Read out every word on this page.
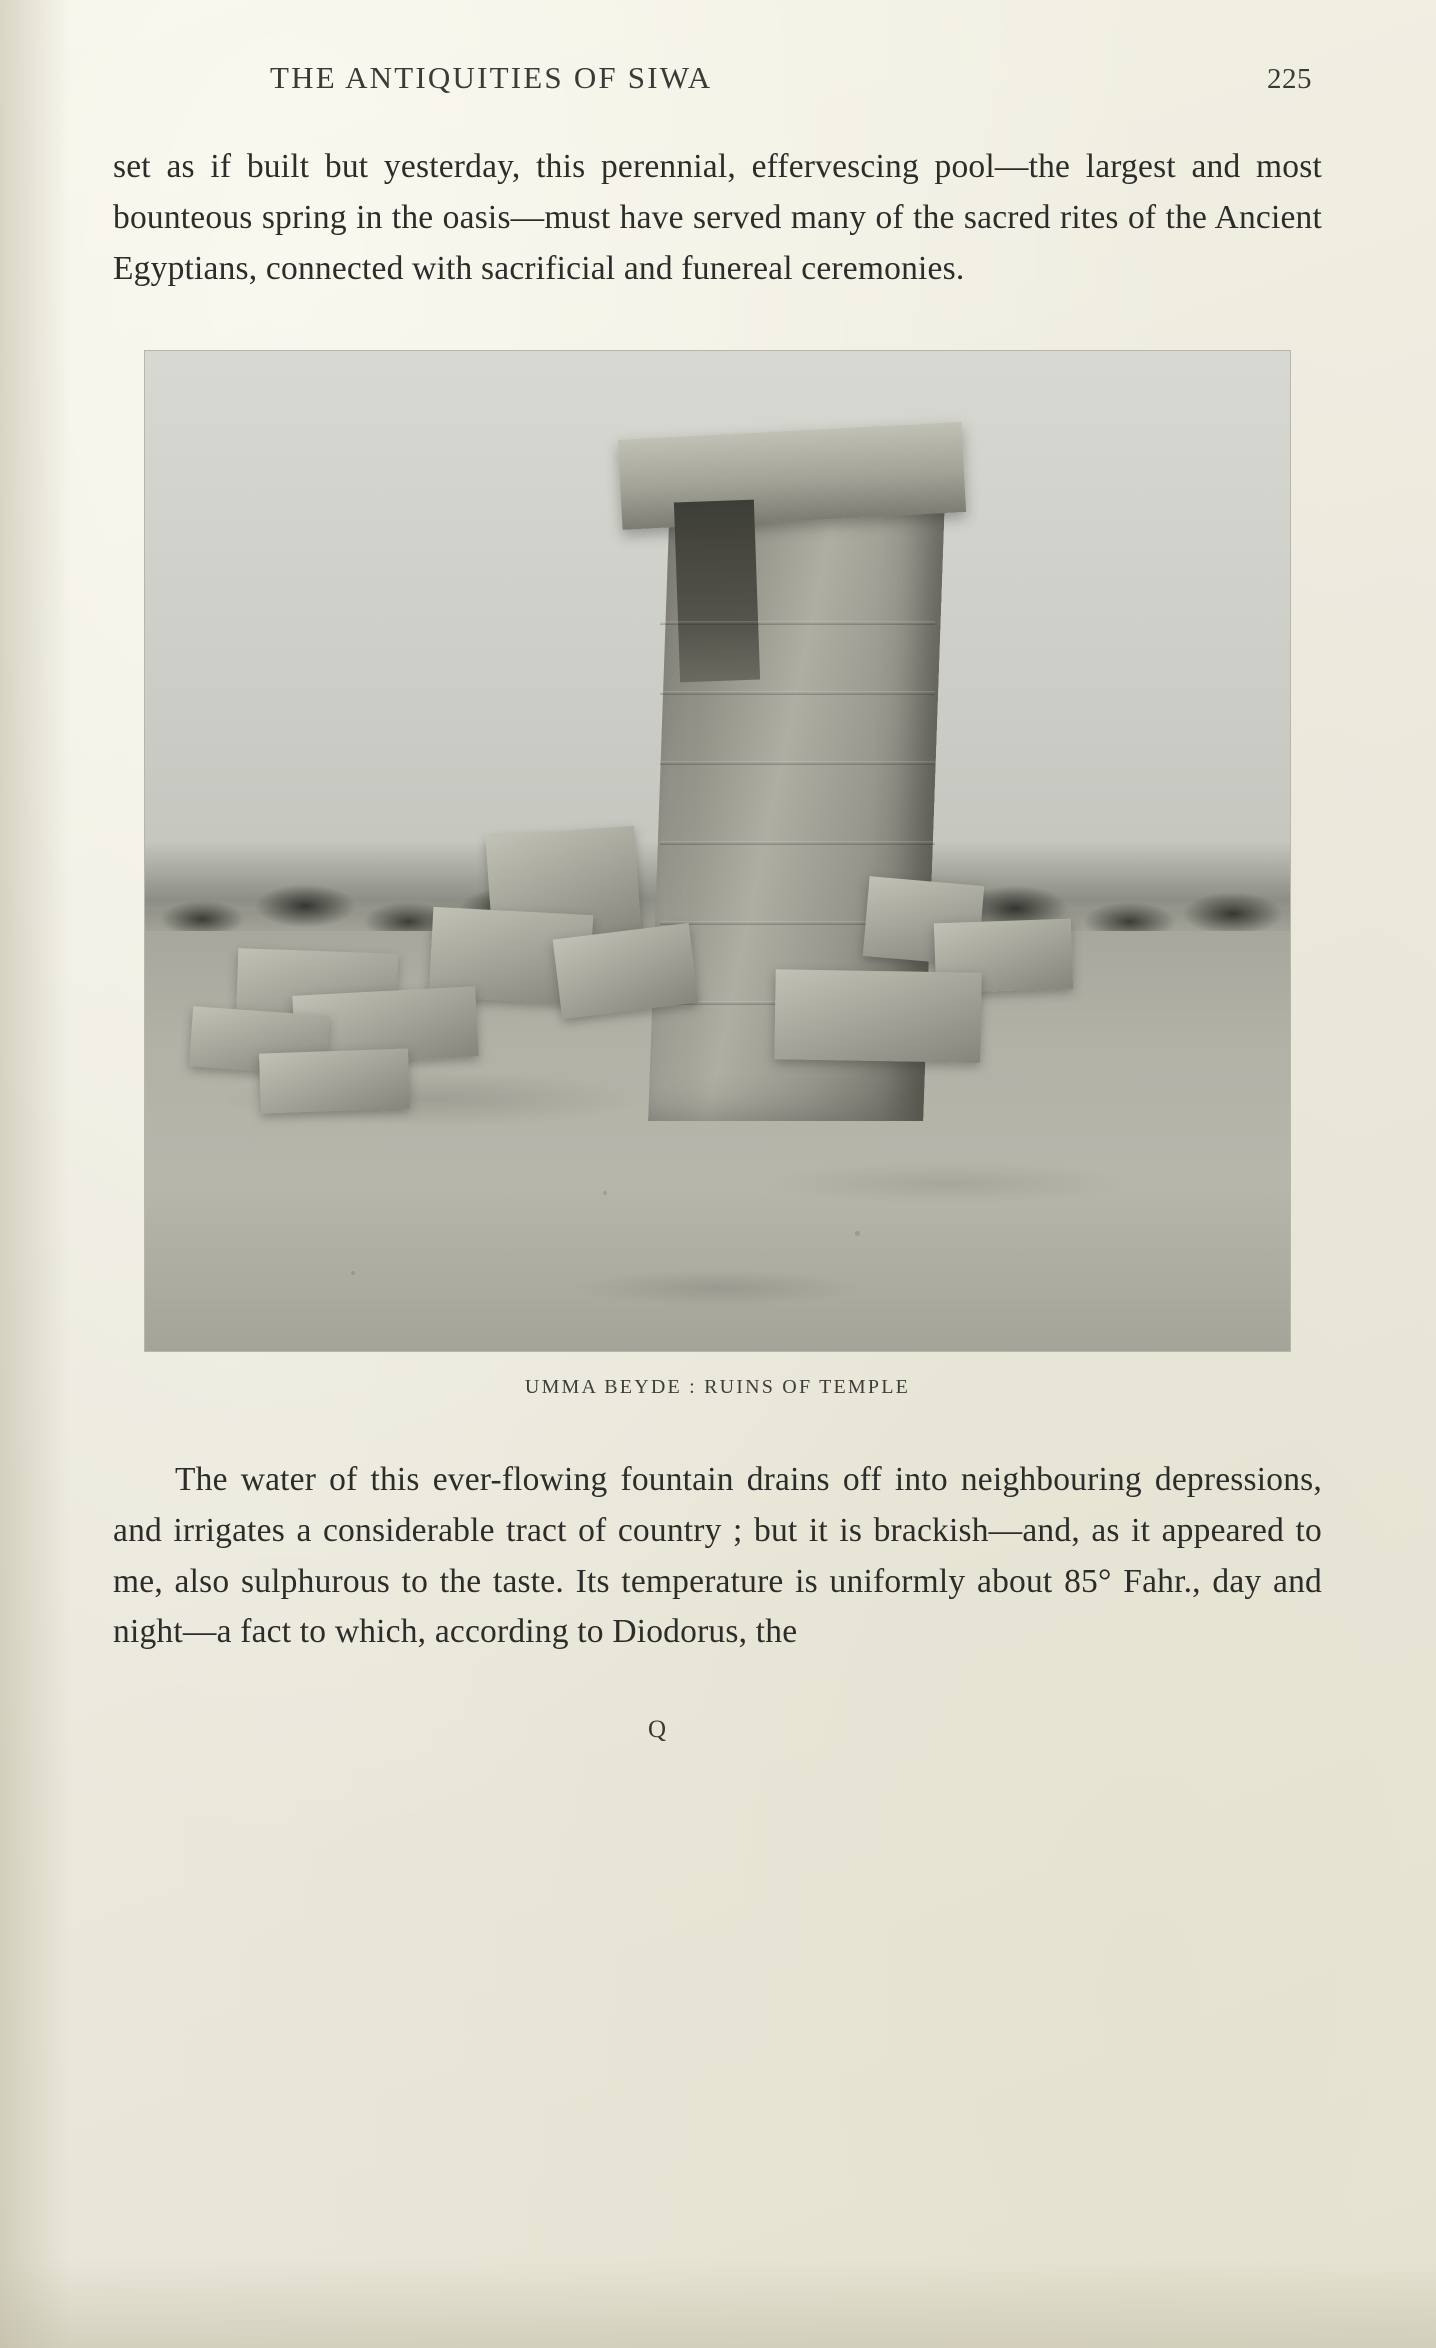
THE ANTIQUITIES OF SIWA	225

set as if built but yesterday, this perennial, effervescing pool—the largest and most bounteous spring in the oasis—must have served many of the sacred rites of the Ancient Egyptians, connected with sacrificial and funereal ceremonies.

UMMA BEYDE : RUINS OF TEMPLE

The water of this ever-flowing fountain drains off into neighbouring depressions, and irrigates a considerable tract of country ; but it is brackish—and, as it appeared to me, also sulphurous to the taste. Its temperature is uniformly about 85° Fahr., day and night—a fact to which, according to Diodorus, the

Q
